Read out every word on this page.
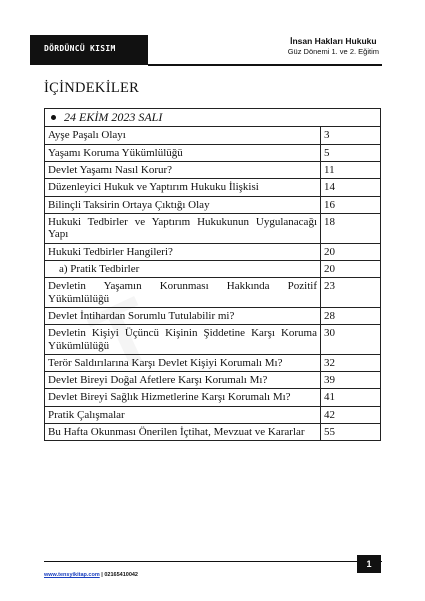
DÖRDÜNCÜ KISIM
İnsan Hakları Hukuku
Güz Dönemi 1. ve 2. Eğitim
İÇİNDEKİLER
24 EKİM 2023 SALI	
Ayşe Paşalı Olayı	3
Yaşamı Koruma Yükümlülüğü	5
Devlet Yaşamı Nasıl Korur?	11
Düzenleyici Hukuk ve Yaptırım Hukuku İlişkisi	14
Bilinçli Taksirin Ortaya Çıktığı Olay	16
Hukuki Tedbirler ve Yaptırım Hukukunun Uygulanacağı Yapı	18
Hukuki Tedbirler Hangileri?	20
a) Pratik Tedbirler	20
Devletin Yaşamın Korunması Hakkında Pozitif Yükümlülüğü	23
Devlet İntihardan Sorumlu Tutulabilir mi?	28
Devletin Kişiyi Üçüncü Kişinin Şiddetine Karşı Koruma Yükümlülüğü	30
Terör Saldırılarına Karşı Devlet Kişiyi Korumalı Mı?	32
Devlet Bireyi Doğal Afetlere Karşı Korumalı Mı?	39
Devlet Bireyi Sağlık Hizmetlerine Karşı Korumalı Mı?	41
Pratik Çalışmalar	42
Bu Hafta Okunması Önerilen İçtihat, Mevzuat ve Kararlar	55
www.tensyikitap.com | 02165410042
1
